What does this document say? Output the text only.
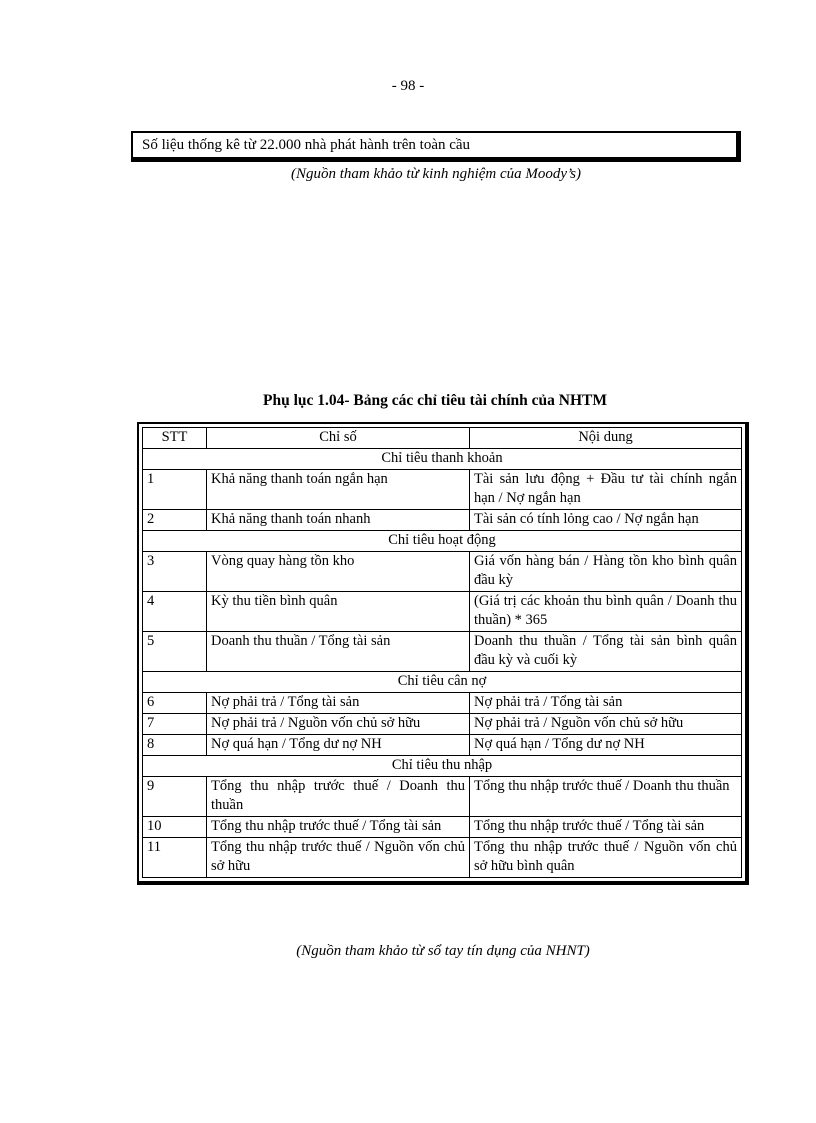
- 98 -
Số liệu thống kê từ 22.000 nhà phát hành trên toàn cầu
(Nguồn tham khảo từ kinh nghiệm của Moody’s)
Phụ lục 1.04- Bảng các chỉ tiêu tài chính của NHTM
STT	Chỉ số	Nội dung
Chỉ tiêu thanh khoản		
1	Khả năng thanh toán ngắn hạn	Tài sản lưu động + Đầu tư tài chính ngắn hạn / Nợ ngắn hạn
2	Khả năng thanh toán nhanh	Tài sản có tính lỏng cao / Nợ ngắn hạn
Chỉ tiêu hoạt động		
3	Vòng quay hàng tồn kho	Giá vốn hàng bán / Hàng tồn kho bình quân đầu kỳ
4	Kỳ thu tiền bình quân	(Giá trị các khoản thu bình quân / Doanh thu thuần) * 365
5	Doanh thu thuần / Tổng tài sản	Doanh thu thuần / Tổng tài sản bình quân đầu kỳ và cuối kỳ
Chỉ tiêu cân nợ		
6	Nợ phải trả / Tổng tài sản	Nợ phải trả / Tổng tài sản
7	Nợ phải trả / Nguồn vốn chủ sở hữu	Nợ phải trả / Nguồn vốn chủ sở hữu
8	Nợ quá hạn / Tổng dư nợ NH	Nợ quá hạn / Tổng dư nợ NH
Chỉ tiêu thu nhập		
9	Tổng thu nhập trước thuế / Doanh thu thuần	Tổng thu nhập trước thuế / Doanh thu thuần
10	Tổng thu nhập trước thuế / Tổng tài sản	Tổng thu nhập trước thuế / Tổng tài sản
11	Tổng thu nhập trước thuế / Nguồn vốn chủ sở hữu	Tổng thu nhập trước thuế / Nguồn vốn chủ sở hữu bình quân
(Nguồn tham khảo từ sổ tay tín dụng của NHNT)
